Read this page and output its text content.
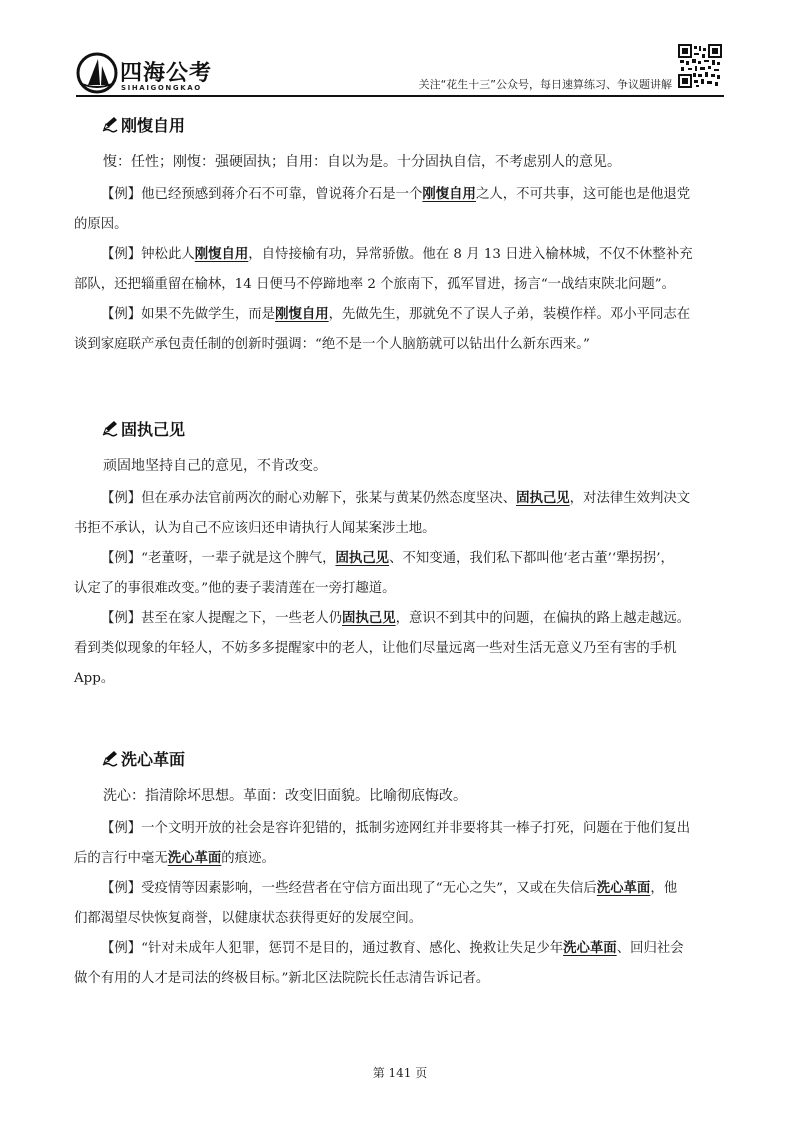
四海公考
SIHAIGONGKAO	关注“花生十三”公众号，每日速算练习、争议题讲解
刚愎自用
愎：任性；刚愎：强硬固执；自用：自以为是。十分固执自信，不考虑别人的意见。
【例】他已经预感到蒋介石不可靠，曾说蒋介石是一个刚愎自用之人，不可共事，这可能也是他退党
的原因。
【例】钟松此人刚愎自用，自恃接榆有功，异常骄傲。他在 8 月 13 日进入榆林城，不仅不休整补充
部队，还把辎重留在榆林，14 日便马不停蹄地率 2 个旅南下，孤军冒进，扬言“一战结束陕北问题”。
【例】如果不先做学生，而是刚愎自用，先做先生，那就免不了误人子弟，装模作样。邓小平同志在
谈到家庭联产承包责任制的创新时强调：“绝不是一个人脑筋就可以钻出什么新东西来。”
固执己见
顽固地坚持自己的意见，不肯改变。
【例】但在承办法官前两次的耐心劝解下，张某与黄某仍然态度坚决、固执己见，对法律生效判决文
书拒不承认，认为自己不应该归还申请执行人闻某案涉土地。
【例】“老董呀，一辈子就是这个脾气，固执己见、不知变通，我们私下都叫他‘老古董’‘犟拐拐’，
认定了的事很难改变。”他的妻子裴清莲在一旁打趣道。
【例】甚至在家人提醒之下，一些老人仍固执己见，意识不到其中的问题，在偏执的路上越走越远。
看到类似现象的年轻人，不妨多多提醒家中的老人，让他们尽量远离一些对生活无意义乃至有害的手机
App。
洗心革面
洗心：指清除坏思想。革面：改变旧面貌。比喻彻底悔改。
【例】一个文明开放的社会是容许犯错的，抵制劣迹网红并非要将其一棒子打死，问题在于他们复出
后的言行中毫无洗心革面的痕迹。
【例】受疫情等因素影响，一些经营者在守信方面出现了“无心之失”，又或在失信后洗心革面，他
们都渴望尽快恢复商誉，以健康状态获得更好的发展空间。
【例】“针对未成年人犯罪，惩罚不是目的，通过教育、感化、挽救让失足少年洗心革面、回归社会
做个有用的人才是司法的终极目标。”新北区法院院长任志清告诉记者。
第 141 页
